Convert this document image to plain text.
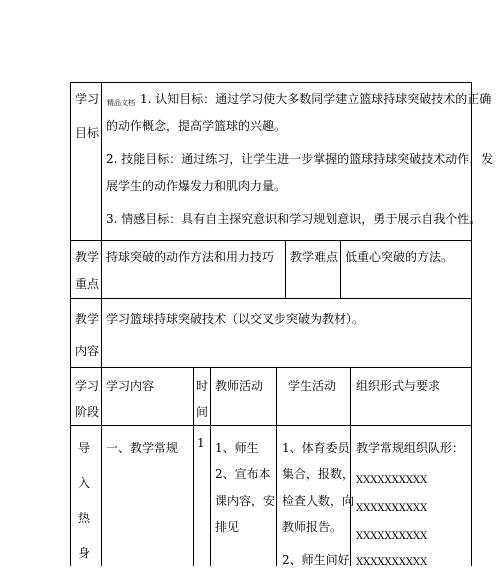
学习
目标
精品文档 1. 认知目标：通过学习使大多数同学建立篮球持球突破技术的正确
的动作概念，提高学篮球的兴趣。
2. 技能目标：通过练习，让学生进一步掌握的篮球持球突破技术动作，发
展学生的动作爆发力和肌肉力量。
3. 情感目标：具有自主探究意识和学习规划意识，勇于展示自我个性。
教学
重点
持球突破的动作方法和用力技巧 教学难点 低重心突破的方法。
教学
内容
学习篮球持球突破技术（以交叉步突破为教材）。
学习
阶段
学习内容	时
间
教师活动 学生活动 组织形式与要求
导
入
热
身
一、教学常规 1 1、师生
2、宣布本
课内容，安
排见
1、体育委员
集合，报数，
检查人数，向
教师报告。
2、师生问好
教学常规组织队形：
XXXXXXXXXX
XXXXXXXXXX
XXXXXXXXXX
XXXXXXXXXX
